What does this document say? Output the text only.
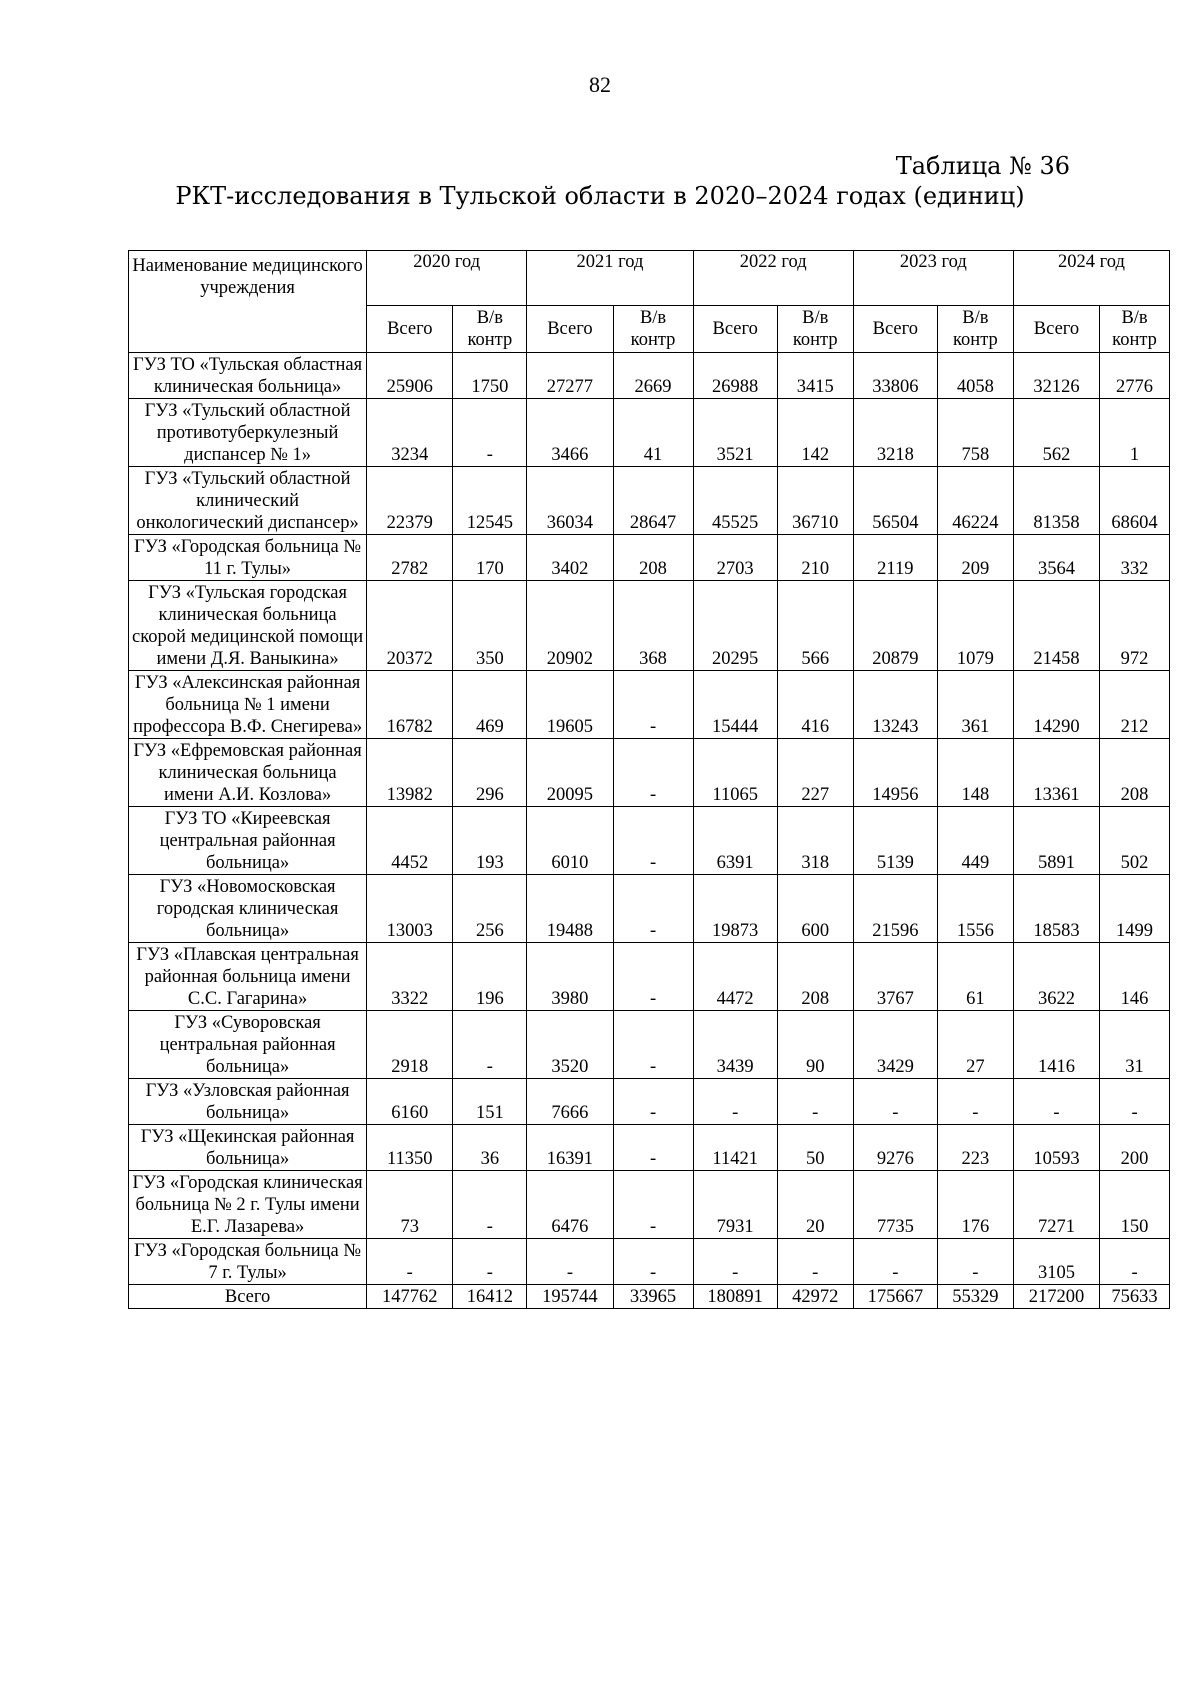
82
Таблица № 36
РКТ-исследования в Тульской области в 2020–2024 годах (единиц)
Наименование медицинского учреждения	2020 год		2021 год		2022 год		2023 год		2024 год	
	Всего	В/в контр	Всего	В/в контр	Всего	В/в контр	Всего	В/в контр	Всего	В/в контр
ГУЗ ТО «Тульская областная клиническая больница»	25906	1750	27277	2669	26988	3415	33806	4058	32126	2776
ГУЗ «Тульский областной противотуберкулезный диспансер № 1»	3234	-	3466	41	3521	142	3218	758	562	1
ГУЗ «Тульский областной клинический онкологический диспансер»	22379	12545	36034	28647	45525	36710	56504	46224	81358	68604
ГУЗ «Городская больница № 11 г. Тулы»	2782	170	3402	208	2703	210	2119	209	3564	332
ГУЗ «Тульская городская клиническая больница скорой медицинской помощи имени Д.Я. Ваныкина»	20372	350	20902	368	20295	566	20879	1079	21458	972
ГУЗ «Алексинская районная больница № 1 имени профессора В.Ф. Снегирева»	16782	469	19605	-	15444	416	13243	361	14290	212
ГУЗ «Ефремовская районная клиническая больница имени А.И. Козлова»	13982	296	20095	-	11065	227	14956	148	13361	208
ГУЗ ТО «Киреевская центральная районная больница»	4452	193	6010	-	6391	318	5139	449	5891	502
ГУЗ «Новомосковская городская клиническая больница»	13003	256	19488	-	19873	600	21596	1556	18583	1499
ГУЗ «Плавская центральная районная больница имени С.С. Гагарина»	3322	196	3980	-	4472	208	3767	61	3622	146
ГУЗ «Суворовская центральная районная больница»	2918	-	3520	-	3439	90	3429	27	1416	31
ГУЗ «Узловская районная больница»	6160	151	7666	-	-	-	-	-	-	-
ГУЗ «Щекинская районная больница»	11350	36	16391	-	11421	50	9276	223	10593	200
ГУЗ «Городская клиническая больница № 2 г. Тулы имени Е.Г. Лазарева»	73	-	6476	-	7931	20	7735	176	7271	150
ГУЗ «Городская больница № 7 г. Тулы»	-	-	-	-	-	-	-	-	3105	-
Всего	147762	16412	195744	33965	180891	42972	175667	55329	217200	75633
